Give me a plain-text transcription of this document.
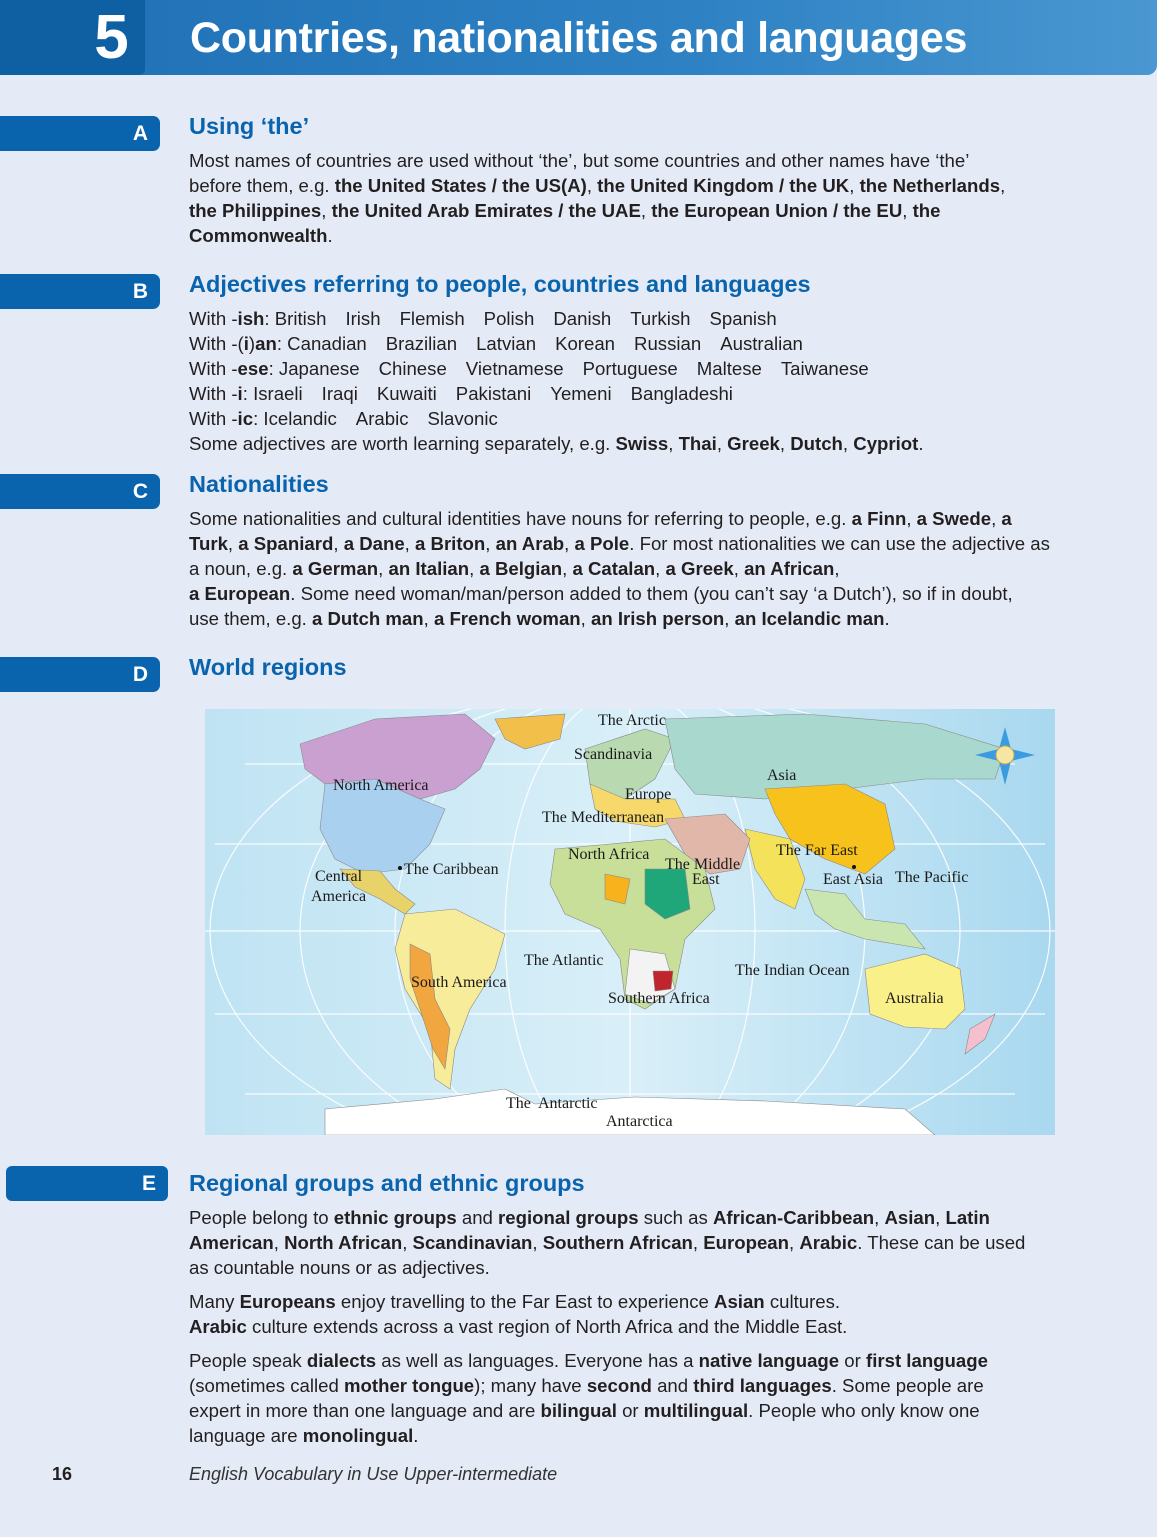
5	Countries, nationalities and languages
A	Using ‘the’
Most names of countries are used without ‘the’, but some countries and other names have ‘the’
before them, e.g. the United States / the US(A), the United Kingdom / the UK, the Netherlands,
the Philippines, the United Arab Emirates / the UAE, the European Union / the EU, the
Commonwealth.
B	Adjectives referring to people, countries and languages
With -ish: British Irish Flemish Polish Danish Turkish Spanish
With -(i)an: Canadian Brazilian Latvian Korean Russian Australian
With -ese: Japanese Chinese Vietnamese Portuguese Maltese Taiwanese
With -i: Israeli Iraqi Kuwaiti Pakistani Yemeni Bangladeshi
With -ic: Icelandic Arabic Slavonic
Some adjectives are worth learning separately, e.g. Swiss, Thai, Greek, Dutch, Cypriot.
C	Nationalities
Some nationalities and cultural identities have nouns for referring to people, e.g. a Finn, a Swede, a
Turk, a Spaniard, a Dane, a Briton, an Arab, a Pole. For most nationalities we can use the adjective as
a noun, e.g. a German, an Italian, a Belgian, a Catalan, a Greek, an African,
a European. Some need woman/man/person added to them (you can’t say ‘a Dutch’), so if in doubt,
use them, e.g. a Dutch man, a French woman, an Irish person, an Icelandic man.
D	World regions
The Arctic
Scandinavia
Asia
North America
Europe
The Mediterranean
North Africa
The Middle
East
The Far East
East Asia The Pacific
Central
America
The Caribbean
The Atlantic
The Indian Ocean
South America
Southern Africa	Australia
The  Antarctic
Antarctica
E	Regional groups and ethnic groups
People belong to ethnic groups and regional groups such as African-Caribbean, Asian, Latin
American, North African, Scandinavian, Southern African, European, Arabic. These can be used
as countable nouns or as adjectives.
Many Europeans enjoy travelling to the Far East to experience Asian cultures.
Arabic culture extends across a vast region of North Africa and the Middle East.
People speak dialects as well as languages. Everyone has a native language or first language
(sometimes called mother tongue); many have second and third languages. Some people are
expert in more than one language and are bilingual or multilingual. People who only know one
language are monolingual.
16	English Vocabulary in Use Upper-intermediate
